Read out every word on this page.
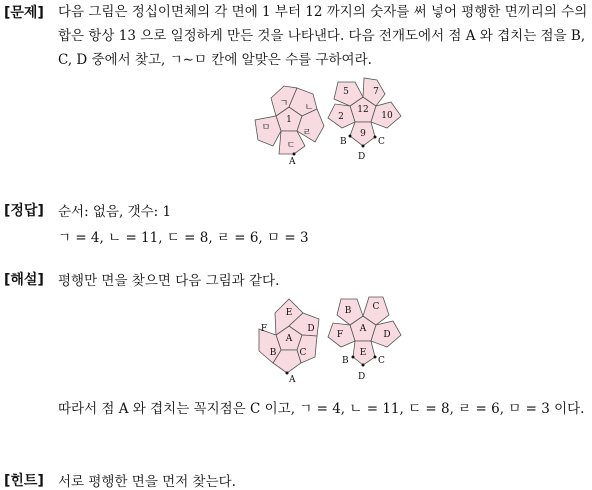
[문제] 다음 그림은 정십이면체의 각 면에 1 부터 12 까지의 숫자를 써 넣어 평행한 면끼리의 수의 합은 항상 13 으로 일정하게 만든 것을 나타낸다. 다음 전개도에서 점 A 와 겹치는 점을 B, C, D 중에서 찾고, ㄱ∼ㅁ 칸에 알맞은 수를 구하여라.
1
ㄱ ㄴ
ㄹ
ㄷ
ㅁ
12
5	7
10
9
2
A
B	C
D
[정답] 순서: 없음, 갯수: 1
ㄱ = 4, ㄴ = 11, ㄷ = 8, ㄹ = 6, ㅁ = 3
[해설] 평행만 면을 찾으면 다음 그림과 같다.
A
E
D
C
B
F	A
C
D
E
F
B
A
B	C
D
따라서 점 A 와 겹치는 꼭지점은 C 이고, ㄱ = 4, ㄴ = 11, ㄷ = 8, ㄹ = 6, ㅁ = 3 이다.
[힌트] 서로 평행한 면을 먼저 찾는다.
